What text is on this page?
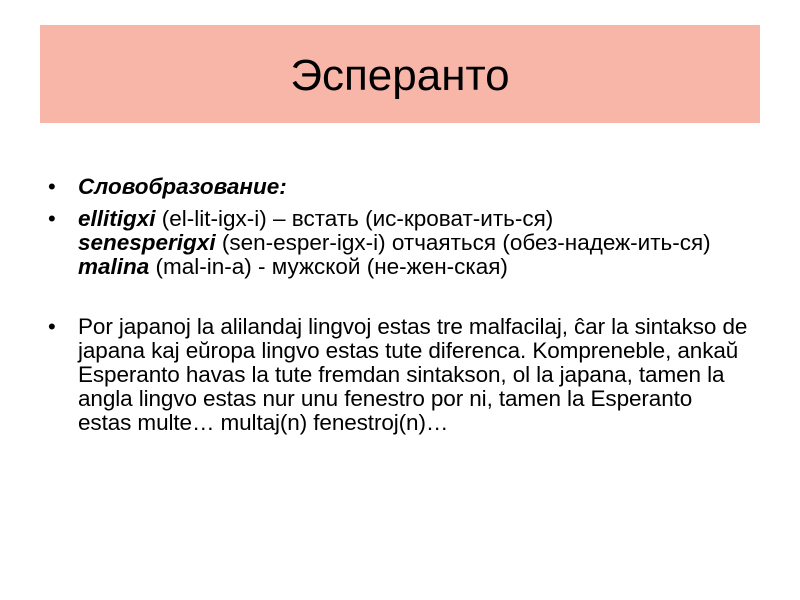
Эсперанто
• Словобразование:
• ellitigxi (el-lit-igx-i) – встать (ис-кроват-ить-ся)
senesperigxi (sen-esper-igx-i) отчаяться (обез-надеж-ить-ся)
malina (mal-in-a) - мужской (не-жен-ская)
• Por japanoj la alilandaj lingvoj estas tre malfacilaj, ĉar la sintakso de japana kaj eŭropa lingvo estas tute diferenca. Kompreneble, ankaŭ Esperanto havas la tute fremdan sintakson, ol la japana, tamen la angla lingvo estas nur unu fenestro por ni, tamen la Esperanto estas multe… multaj(n) fenestroj(n)…
